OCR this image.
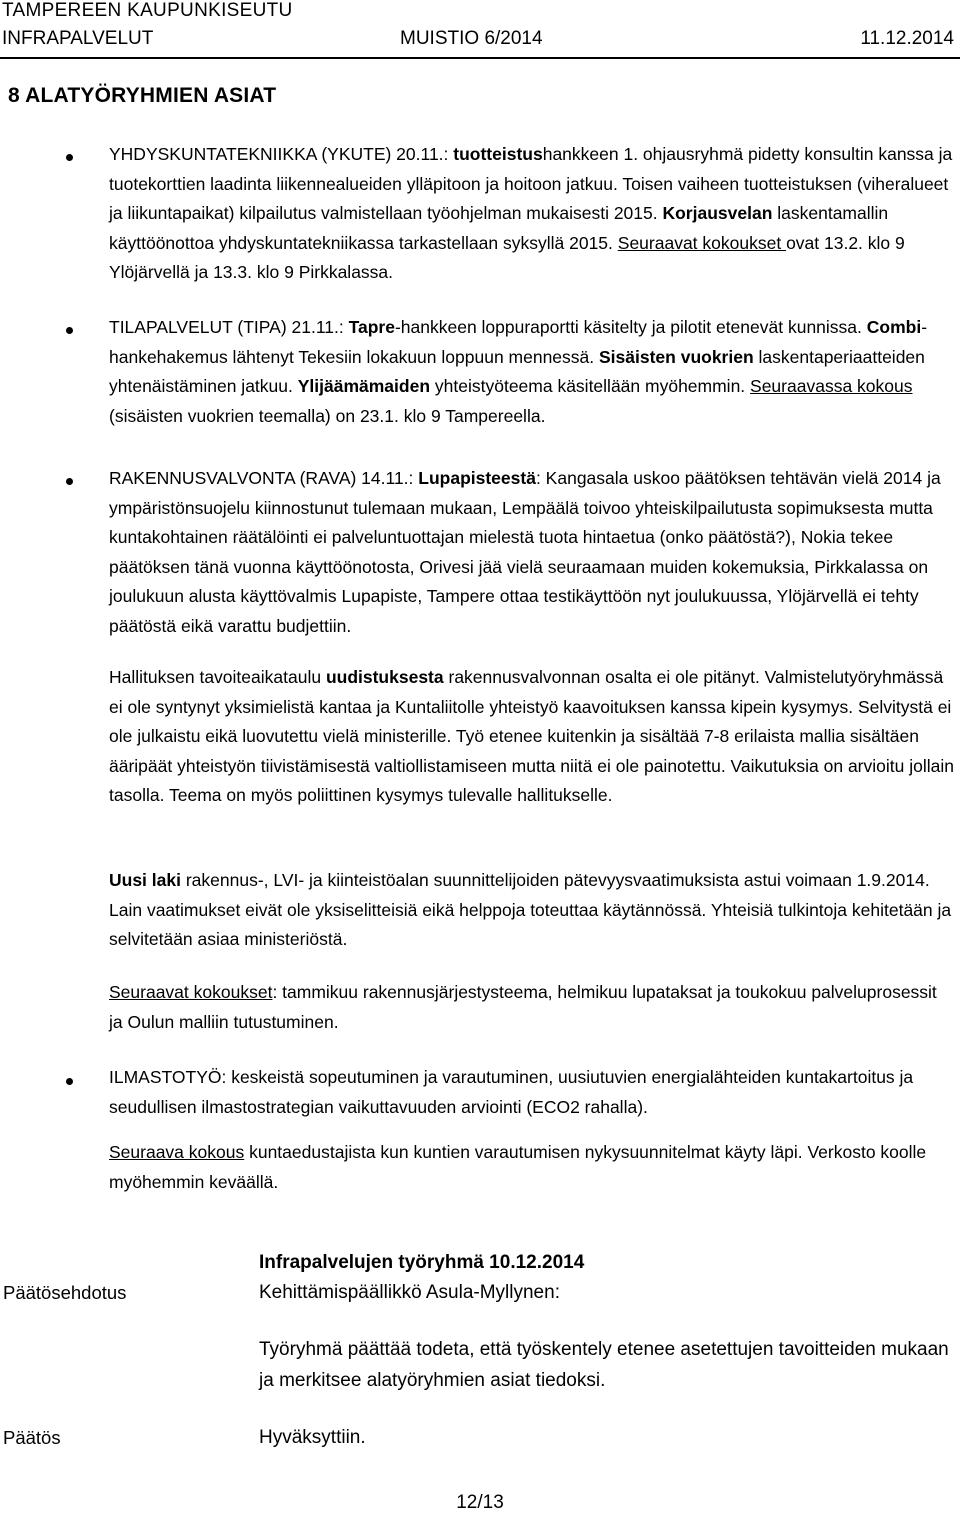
TAMPEREEN KAUPUNKISEUTU
INFRAPALVELUT	MUISTIO 6/2014	11.12.2014
8 ALATYÖRYHMIEN ASIAT

YHDYSKUNTATEKNIIKKA (YKUTE) 20.11.: tuotteistushankkeen 1. ohjausryhmä pidetty konsultin kanssa ja tuotekorttien laadinta liikennealueiden ylläpitoon ja hoitoon jatkuu. Toisen vaiheen tuotteistuksen (viheralueet ja liikuntapaikat) kilpailutus valmistellaan työohjelman mukaisesti 2015. Korjausvelan laskentamallin käyttöönottoa yhdyskuntatekniikassa tarkastellaan syksyllä 2015. Seuraavat kokoukset ovat 13.2. klo 9 Ylöjärvellä ja 13.3. klo 9 Pirkkalassa.

TILAPALVELUT (TIPA) 21.11.: Tapre-hankkeen loppuraportti käsitelty ja pilotit etenevät kunnissa. Combi-hankehakemus lähtenyt Tekesiin lokakuun loppuun mennessä. Sisäisten vuokrien laskentaperiaatteiden yhtenäistäminen jatkuu. Ylijäämämaiden yhteistyöteema käsitellään myöhemmin. Seuraavassa kokous (sisäisten vuokrien teemalla) on 23.1. klo 9 Tampereella.

RAKENNUSVALVONTA (RAVA) 14.11.: Lupapisteestä: Kangasala uskoo päätöksen tehtävän vielä 2014 ja ympäristönsuojelu kiinnostunut tulemaan mukaan, Lempäälä toivoo yhteiskilpailutusta sopimuksesta mutta kuntakohtainen räätälöinti ei palveluntuottajan mielestä tuota hintaetua (onko päätöstä?), Nokia tekee päätöksen tänä vuonna käyttöönotosta, Orivesi jää vielä seuraamaan muiden kokemuksia, Pirkkalassa on joulukuun alusta käyttövalmis Lupapiste, Tampere ottaa testikäyttöön nyt joulukuussa, Ylöjärvellä ei tehty päätöstä eikä varattu budjettiin.

Hallituksen tavoiteaikataulu uudistuksesta rakennusvalvonnan osalta ei ole pitänyt. Valmistelutyöryhmässä ei ole syntynyt yksimielistä kantaa ja Kuntaliitolle yhteistyö kaavoituksen kanssa kipein kysymys. Selvitystä ei ole julkaistu eikä luovutettu vielä ministerille. Työ etenee kuitenkin ja sisältää 7-8 erilaista mallia sisältäen ääripäät yhteistyön tiivistämisestä valtiollistamiseen mutta niitä ei ole painotettu. Vaikutuksia on arvioitu jollain tasolla. Teema on myös poliittinen kysymys tulevalle hallitukselle.

Uusi laki rakennus-, LVI- ja kiinteistöalan suunnittelijoiden pätevyysvaatimuksista astui voimaan 1.9.2014. Lain vaatimukset eivät ole yksiselitteisiä eikä helppoja toteuttaa käytännössä. Yhteisiä tulkintoja kehitetään ja selvitetään asiaa ministeriöstä.

Seuraavat kokoukset: tammikuu rakennusjärjestysteema, helmikuu lupataksat ja toukokuu palveluprosessit ja Oulun malliin tutustuminen.

ILMASTOTYÖ: keskeistä sopeutuminen ja varautuminen, uusiutuvien energialähteiden kuntakartoitus ja seudullisen ilmastostrategian vaikuttavuuden arviointi (ECO2 rahalla).

Seuraava kokous kuntaedustajista kun kuntien varautumisen nykysuunnitelmat käyty läpi. Verkosto koolle myöhemmin keväällä.

Infrapalvelujen työryhmä 10.12.2014
Päätösehdotus	Kehittämispäällikkö Asula-Myllynen:

Työryhmä päättää todeta, että työskentely etenee asetettujen tavoitteiden mukaan ja merkitsee alatyöryhmien asiat tiedoksi.

Päätös	Hyväksyttiin.
12/13
